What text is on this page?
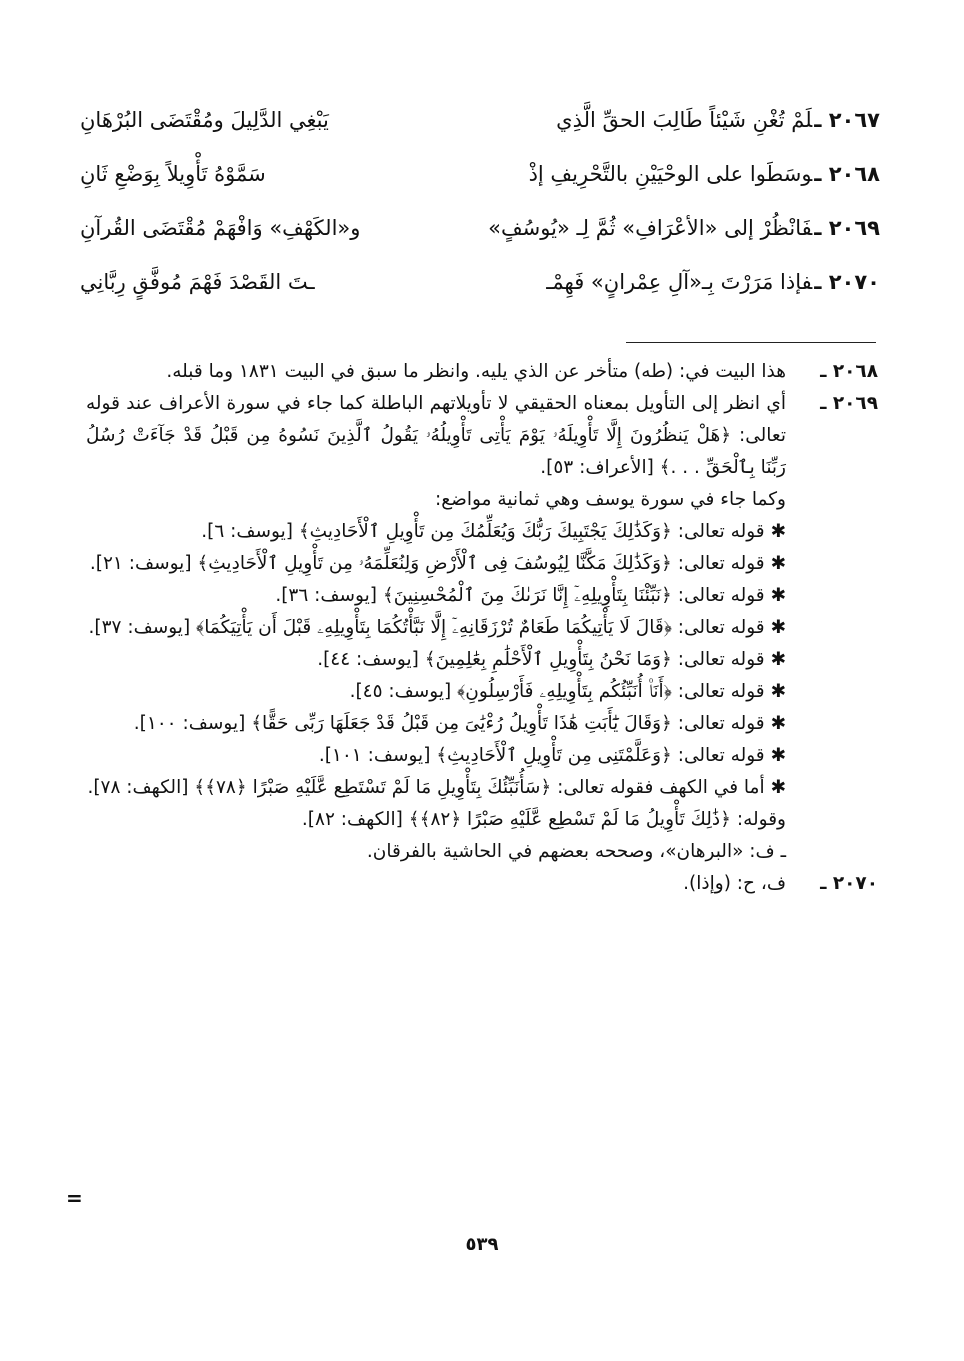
٢٠٦٧ ـلَمْ تُغْنِ شَيْئاً طَالِبَ الحقِّ الَّذِي
يَبْغِي الدَّلِيلَ ومُقْتَضَى البُرْهَانِ
٢٠٦٨ ـوسَطَوا على الوحْيَيْنِ بالتَّحْرِيفِ إذْ
سَمَّوْهُ تَأْوِيلاً بِوَضْعِ ثَانِ
٢٠٦٩ ـفَانْظُرْ إلى «الأعْرَافِ» ثُمَّ لِـ «يُوسُفٍ»
و«الكَهْفِ» وَافْهَمْ مُقْتَضَى القُرآنِ
٢٠٧٠ ـفإذا مَرَرْتَ بِـ«آلِ عِمْرانٍ» فَهِمْـ
ـتَ القَصْدَ فَهْمَ مُوفَّقٍ رِبَّانِي
٢٠٦٨ ـ

هذا البيت في: (طه) متأخر عن الذي يليه. وانظر ما سبق في البيت ١٨٣١ وما قبله.

٢٠٦٩ ـ

أي انظر إلى التأويل بمعناه الحقيقي لا تأويلاتهم الباطلة كما جاء في سورة الأعراف عند قوله تعالى: ﴿هَلْ يَنظُرُونَ إِلَّا تَأْوِيلَهُۥ يَوْمَ يَأْتِى تَأْوِيلُهُۥ يَقُولُ ٱلَّذِينَ نَسُوهُ مِن قَبْلُ قَدْ جَآءَتْ رُسُلُ رَبِّنَا بِٱلْحَقِّ . . .﴾ [الأعراف: ٥٣].

وكما جاء في سورة يوسف وهي ثمانية مواضع:

✱ قوله تعالى: ﴿وَكَذَٰلِكَ يَجْتَبِيكَ رَبُّكَ وَيُعَلِّمُكَ مِن تَأْوِيلِ ٱلْأَحَادِيثِ﴾ [يوسف: ٦].

✱ قوله تعالى: ﴿وَكَذَٰلِكَ مَكَّنَّا لِيُوسُفَ فِى ٱلْأَرْضِ وَلِنُعَلِّمَهُۥ مِن تَأْوِيلِ ٱلْأَحَادِيثِ﴾ [يوسف: ٢١].

✱ قوله تعالى: ﴿نَبِّئْنَا بِتَأْوِيلِهِۦٓ إِنَّا نَرَىٰكَ مِنَ ٱلْمُحْسِنِينَ﴾ [يوسف: ٣٦].

✱ قوله تعالى: ﴿قَالَ لَا يَأْتِيكُمَا طَعَامٌ تُرْزَقَانِهِۦٓ إِلَّا نَبَّأْتُكُمَا بِتَأْوِيلِهِۦ قَبْلَ أَن يَأْتِيَكُمَا﴾ [يوسف: ٣٧].

✱ قوله تعالى: ﴿وَمَا نَحْنُ بِتَأْوِيلِ ٱلْأَحْلَٰمِ بِعَٰلِمِينَ﴾ [يوسف: ٤٤].

✱ قوله تعالى: ﴿أَنَا۠ أُنَبِّئُكُم بِتَأْوِيلِهِۦ فَأَرْسِلُونِ﴾ [يوسف: ٤٥].

✱ قوله تعالى: ﴿وَقَالَ يَٰٓأَبَتِ هَٰذَا تَأْوِيلُ رُءْيَٰىَ مِن قَبْلُ قَدْ جَعَلَهَا رَبِّى حَقًّا﴾ [يوسف: ١٠٠].

✱ قوله تعالى: ﴿وَعَلَّمْتَنِى مِن تَأْوِيلِ ٱلْأَحَادِيثِ﴾ [يوسف: ١٠١].

✱ أما في الكهف فقوله تعالى: ﴿سَأُنَبِّئُكَ بِتَأْوِيلِ مَا لَمْ تَسْتَطِع عَّلَيْهِ صَبْرًا ﴿٧٨﴾﴾ [الكهف: ٧٨].

وقوله: ﴿ذَٰلِكَ تَأْوِيلُ مَا لَمْ تَسْطِع عَّلَيْهِ صَبْرًا ﴿٨٢﴾﴾ [الكهف: ٨٢].

ـ ف: «البرهان»، وصححه بعضهم في الحاشية بالفرقان.

٢٠٧٠ ـ

ف، ح: (وإذا).

=
٥٣٩
